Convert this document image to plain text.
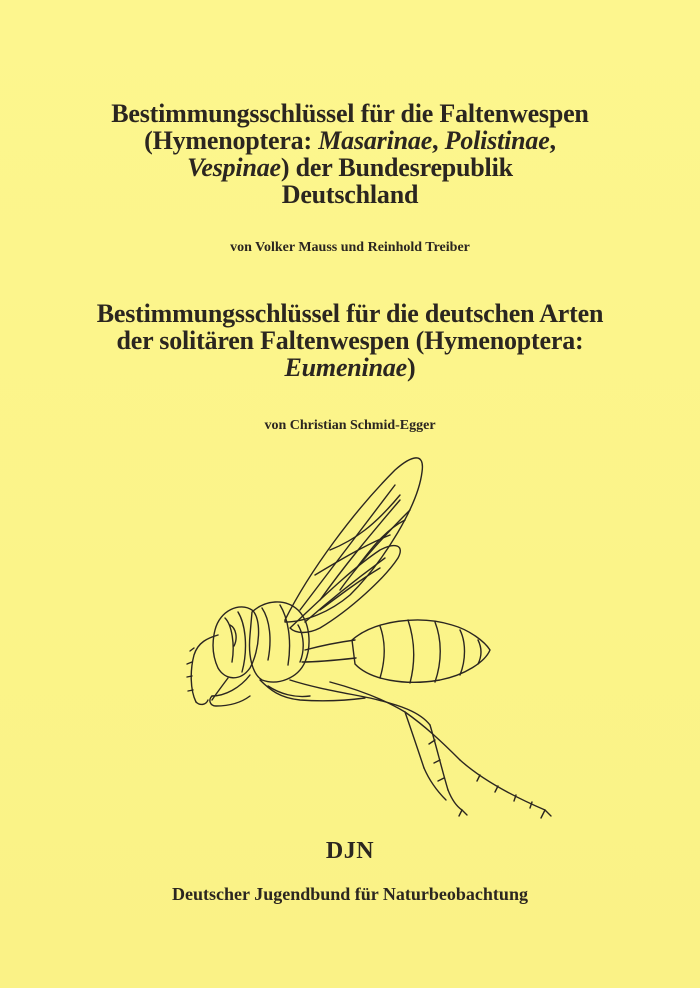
Bestimmungsschlüssel für die Faltenwespen
(Hymenoptera: Masarinae, Polistinae,
Vespinae) der Bundesrepublik
Deutschland
von Volker Mauss und Reinhold Treiber
Bestimmungsschlüssel für die deutschen Arten
der solitären Faltenwespen (Hymenoptera:
Eumeninae)
von Christian Schmid-Egger
DJN
Deutscher Jugendbund für Naturbeobachtung
